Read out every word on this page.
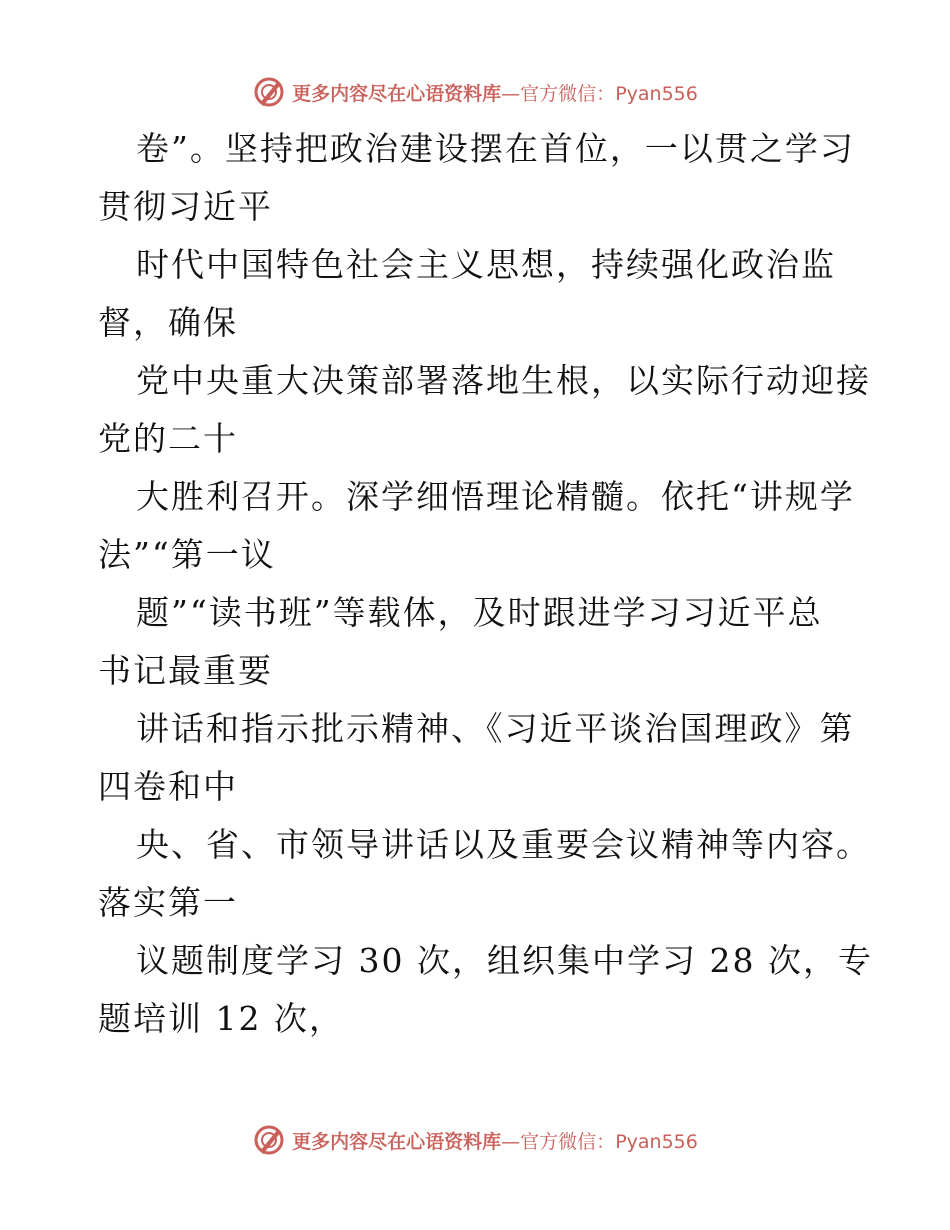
更多内容尽在心语资料库—官方微信：Pyan556
卷”。坚持把政治建设摆在首位，一以贯之学习
贯彻习近平
时代中国特色社会主义思想，持续强化政治监
督，确保
党中央重大决策部署落地生根，以实际行动迎接
党的二十
大胜利召开。深学细悟理论精髓。依托“讲规学
法”“第一议
题”“读书班”等载体，及时跟进学习习近平总
书记最重要
讲话和指示批示精神、《习近平谈治国理政》第
四卷和中
央、省、市领导讲话以及重要会议精神等内容。
落实第一
议题制度学习 30 次，组织集中学习 28 次，专
题培训 12 次，
更多内容尽在心语资料库—官方微信：Pyan556
